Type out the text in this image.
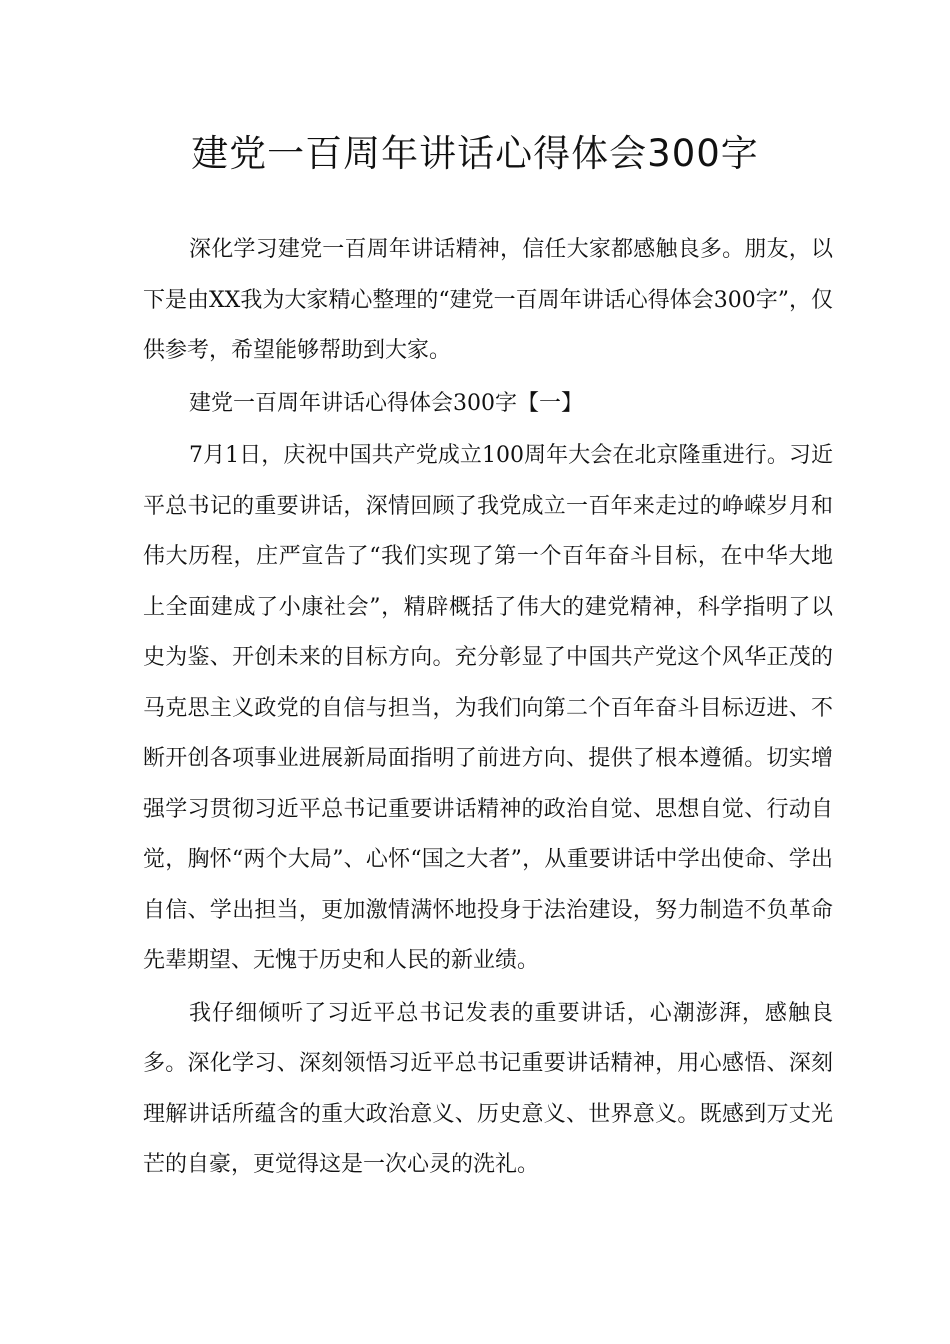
建党一百周年讲话心得体会300字

深化学习建党一百周年讲话精神，信任大家都感触良多。朋友，以下是由XX我为大家精心整理的“建党一百周年讲话心得体会300字”，仅供参考，希望能够帮助到大家。

建党一百周年讲话心得体会300字【一】

7月1日，庆祝中国共产党成立100周年大会在北京隆重进行。习近平总书记的重要讲话，深情回顾了我党成立一百年来走过的峥嵘岁月和伟大历程，庄严宣告了“我们实现了第一个百年奋斗目标，在中华大地上全面建成了小康社会”，精辟概括了伟大的建党精神，科学指明了以史为鉴、开创未来的目标方向。充分彰显了中国共产党这个风华正茂的马克思主义政党的自信与担当，为我们向第二个百年奋斗目标迈进、不断开创各项事业进展新局面指明了前进方向、提供了根本遵循。切实增强学习贯彻习近平总书记重要讲话精神的政治自觉、思想自觉、行动自觉，胸怀“两个大局”、心怀“国之大者”，从重要讲话中学出使命、学出自信、学出担当，更加激情满怀地投身于法治建设，努力制造不负革命先辈期望、无愧于历史和人民的新业绩。

我仔细倾听了习近平总书记发表的重要讲话，心潮澎湃，感触良多。深化学习、深刻领悟习近平总书记重要讲话精神，用心感悟、深刻理解讲话所蕴含的重大政治意义、历史意义、世界意义。既感到万丈光芒的自豪，更觉得这是一次心灵的洗礼。
